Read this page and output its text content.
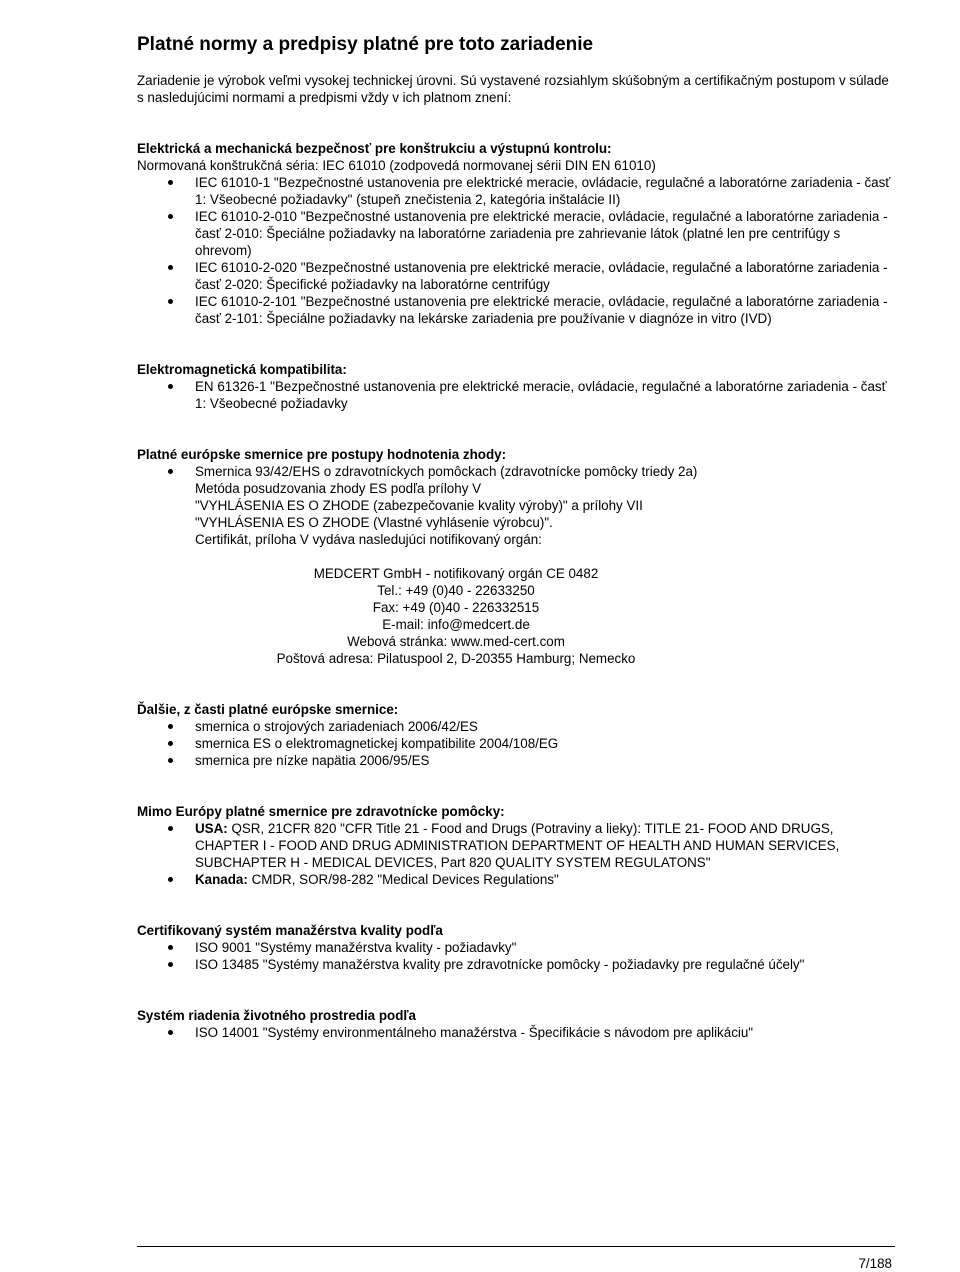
Platné normy a predpisy platné pre toto zariadenie

Zariadenie je výrobok veľmi vysokej technickej úrovni. Sú vystavené rozsiahlym skúšobným a certifikačným postupom v súlade s nasledujúcimi normami a predpismi vždy v ich platnom znení:

Elektrická a mechanická bezpečnosť pre konštrukciu a výstupnú kontrolu:

Normovaná konštrukčná séria: IEC 61010 (zodpovedá normovanej sérii DIN EN 61010)

IEC 61010-1 "Bezpečnostné ustanovenia pre elektrické meracie, ovládacie, regulačné a laboratórne zariadenia - časť 1: Všeobecné požiadavky" (stupeň znečistenia 2, kategória inštalácie II)
IEC 61010-2-010 "Bezpečnostné ustanovenia pre elektrické meracie, ovládacie, regulačné a laboratórne zariadenia - časť 2-010: Špeciálne požiadavky na laboratórne zariadenia pre zahrievanie látok (platné len pre centrifúgy s ohrevom)
IEC 61010-2-020 "Bezpečnostné ustanovenia pre elektrické meracie, ovládacie, regulačné a laboratórne zariadenia - časť 2-020: Špecifické požiadavky na laboratórne centrifúgy
IEC 61010-2-101 "Bezpečnostné ustanovenia pre elektrické meracie, ovládacie, regulačné a laboratórne zariadenia - časť 2-101: Špeciálne požiadavky na lekárske zariadenia pre používanie v diagnóze in vitro (IVD)

Elektromagnetická kompatibilita:

EN 61326-1 "Bezpečnostné ustanovenia pre elektrické meracie, ovládacie, regulačné a laboratórne zariadenia - časť 1: Všeobecné požiadavky

Platné európske smernice pre postupy hodnotenia zhody:

Smernica 93/42/EHS o zdravotníckych pomôckach (zdravotnícke pomôcky triedy 2a)
Metóda posudzovania zhody ES podľa prílohy V
"VYHLÁSENIA ES O ZHODE (zabezpečovanie kvality výroby)" a prílohy VII
"VYHLÁSENIA ES O ZHODE (Vlastné vyhlásenie výrobcu)".
Certifikát, príloha V vydáva nasledujúci notifikovaný orgán:
MEDCERT GmbH - notifikovaný orgán CE 0482
Tel.: +49 (0)40 - 22633250
Fax: +49 (0)40 - 226332515
E-mail: info@medcert.de
Webová stránka: www.med-cert.com
Poštová adresa: Pilatuspool 2, D-20355 Hamburg; Nemecko

Ďalšie, z časti platné európske smernice:

smernica o strojových zariadeniach 2006/42/ES
smernica ES o elektromagnetickej kompatibilite 2004/108/EG
smernica pre nízke napätia 2006/95/ES

Mimo Európy platné smernice pre zdravotnícke pomôcky:

USA: QSR, 21CFR 820 "CFR Title 21 - Food and Drugs (Potraviny a lieky): TITLE 21- FOOD AND DRUGS, CHAPTER I - FOOD AND DRUG ADMINISTRATION DEPARTMENT OF HEALTH AND HUMAN SERVICES, SUBCHAPTER H - MEDICAL DEVICES, Part 820 QUALITY SYSTEM REGULATONS"
Kanada: CMDR, SOR/98-282 "Medical Devices Regulations"

Certifikovaný systém manažérstva kvality podľa

ISO 9001 "Systémy manažérstva kvality - požiadavky"
ISO 13485 "Systémy manažérstva kvality pre zdravotnícke pomôcky - požiadavky pre regulačné účely"

Systém riadenia životného prostredia podľa

ISO 14001 "Systémy environmentálneho manažérstva - Špecifikácie s návodom pre aplikáciu"
7/188
